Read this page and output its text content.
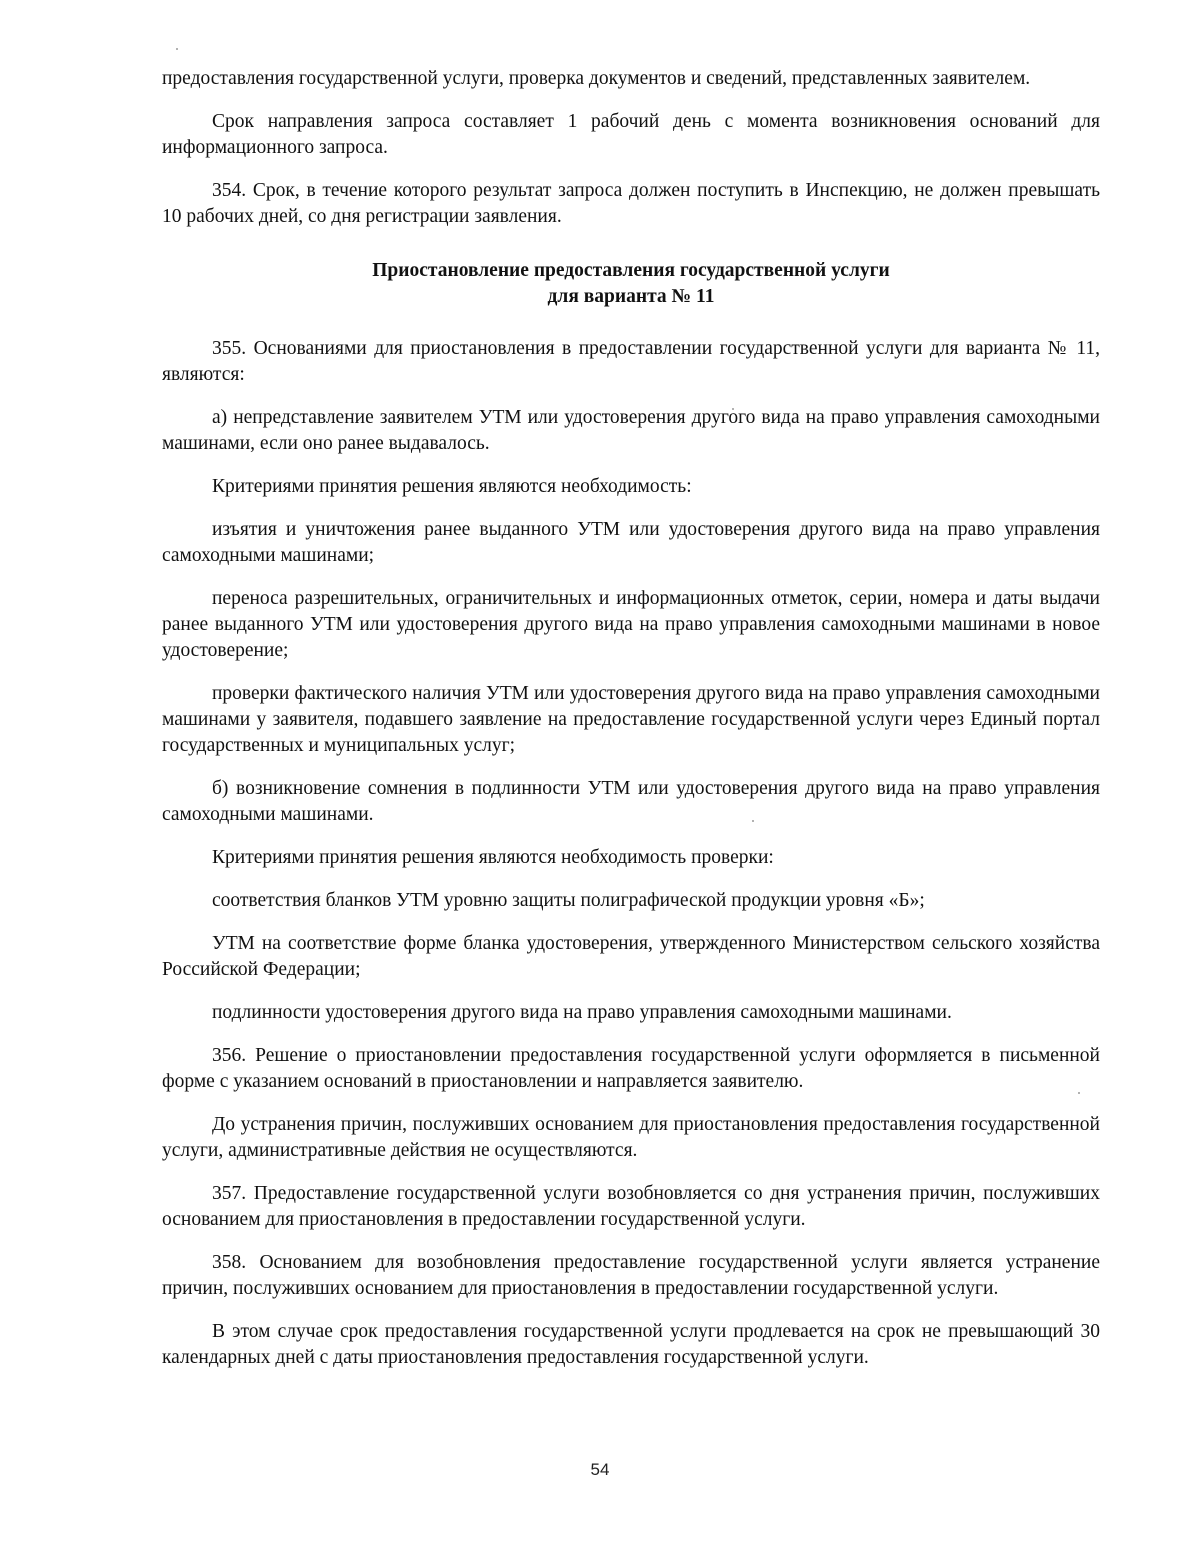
предоставления государственной услуги, проверка документов и сведений, представленных заявителем.

Срок направления запроса составляет 1 рабочий день с момента возникновения оснований для информационного запроса.

354. Срок, в течение которого результат запроса должен поступить в Инспекцию, не должен превышать 10 рабочих дней, со дня регистрации заявления.

Приостановление предоставления государственной услуги
для варианта № 11

355. Основаниями для приостановления в предоставлении государственной услуги для варианта № 11, являются:

а) непредставление заявителем УТМ или удостоверения другого вида на право управления самоходными машинами, если оно ранее выдавалось.

Критериями принятия решения являются необходимость:

изъятия и уничтожения ранее выданного УТМ или удостоверения другого вида на право управления самоходными машинами;

переноса разрешительных, ограничительных и информационных отметок, серии, номера и даты выдачи ранее выданного УТМ или удостоверения другого вида на право управления самоходными машинами в новое удостоверение;

проверки фактического наличия УТМ или удостоверения другого вида на право управления самоходными машинами у заявителя, подавшего заявление на предоставление государственной услуги через Единый портал государственных и муниципальных услуг;

б) возникновение сомнения в подлинности УТМ или удостоверения другого вида на право управления самоходными машинами.

Критериями принятия решения являются необходимость проверки:

соответствия бланков УТМ уровню защиты полиграфической продукции уровня «Б»;

УТМ на соответствие форме бланка удостоверения, утвержденного Министерством сельского хозяйства Российской Федерации;

подлинности удостоверения другого вида на право управления самоходными машинами.

356. Решение о приостановлении предоставления государственной услуги оформляется в письменной форме с указанием оснований в приостановлении и направляется заявителю.

До устранения причин, послуживших основанием для приостановления предоставления государственной услуги, административные действия не осуществляются.

357. Предоставление государственной услуги возобновляется со дня устранения причин, послуживших основанием для приостановления в предоставлении государственной услуги.

358. Основанием для возобновления предоставление государственной услуги является устранение причин, послуживших основанием для приостановления в предоставлении государственной услуги.

В этом случае срок предоставления государственной услуги продлевается на срок не превышающий 30 календарных дней с даты приостановления предоставления государственной услуги.

54
